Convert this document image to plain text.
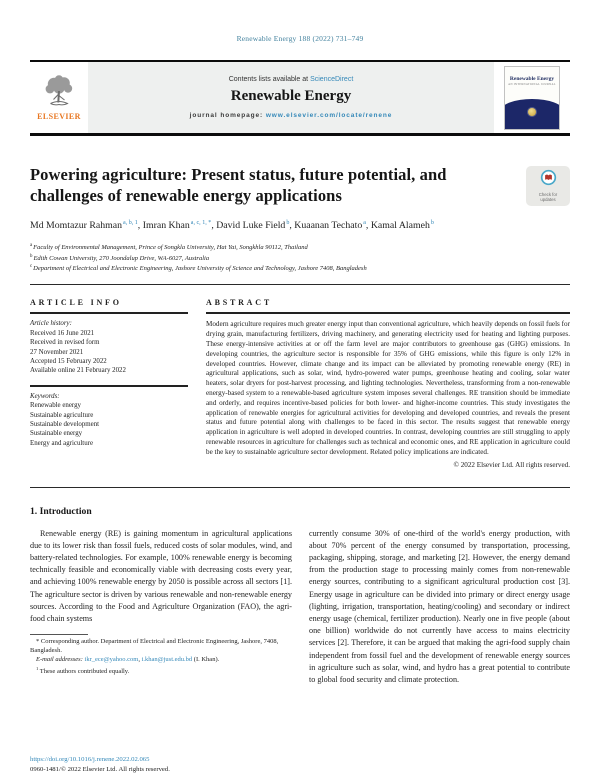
Renewable Energy 188 (2022) 731–749
ELSEVIER
Contents lists available at ScienceDirect
Renewable Energy
journal homepage: www.elsevier.com/locate/renene
Renewable Energy
AN INTERNATIONAL JOURNAL
Powering agriculture: Present status, future potential, and challenges of renewable energy applications	Check for updates

Md Momtazur Rahman$^{a, b, 1}$, Imran Khan$^{a, c, 1, *}$, David Luke Field$^b$, Kuaanan Techato$^a$, Kamal Alameh$^b$

$^a$Faculty of Environmental Management, Prince of Songkla University, Hat Yai, Songkhla 90112, Thailand
$^b$Edith Cowan University, 270 Joondalup Drive, WA-6027, Australia
$^c$Department of Electrical and Electronic Engineering, Jashore University of Science and Technology, Jashore 7408, Bangladesh
ARTICLE INFO
Article history:
Received 16 June 2021
Received in revised form
27 November 2021
Accepted 15 February 2022
Available online 21 February 2022
Keywords:
Renewable energy
Sustainable agriculture
Sustainable development
Sustainable energy
Energy and agriculture
ABSTRACT

Modern agriculture requires much greater energy input than conventional agriculture, which heavily depends on fossil fuels for drying grain, manufacturing fertilizers, driving machinery, and generating electricity used for heating and lighting purposes. These energy-intensive activities at or off the farm level are major contributors to greenhouse gas (GHG) emissions. In developing countries, the agriculture sector is responsible for 35% of GHG emissions, while this figure is only 12% in developed countries. However, climate change and its impact can be alleviated by promoting renewable energy (RE) in agricultural applications, such as solar, wind, hydro-powered water pumps, greenhouse heating and cooling, solar water heaters, solar dryers for post-harvest processing, and lighting technologies. Nevertheless, transforming from a non-renewable energy-based system to a renewable-based agriculture system imposes several challenges. RE transition should be immediate and orderly, and requires incentive-based policies for both lower- and higher-income countries. This study investigates the application of renewable energies for agricultural activities for developing and developed countries, and reveals the present status and future potential along with challenges to be faced in this sector. The results suggest that renewable energy application in agriculture is well adopted in developed countries. In contrast, developing countries are still struggling to apply renewable resources in agriculture for challenges such as technical and economic ones, and RE application in agriculture could be the key to sustainable agriculture sector development. Related policy implications are indicated.

© 2022 Elsevier Ltd. All rights reserved.

1. Introduction

Renewable energy (RE) is gaining momentum in agricultural applications due to its lower risk than fossil fuels, reduced costs of solar modules, wind, and battery-related technologies. For example, 100% renewable energy is becoming technically feasible and economically viable with decreasing costs every year, and achieving 100% renewable energy by 2050 is possible across all sectors [1]. The agriculture sector is driven by various renewable and non-renewable energy sources. According to the Food and Agriculture Organization (FAO), the agri-food chain systems

* Corresponding author. Department of Electrical and Electronic Engineering, Jashore, 7408, Bangladesh.

E-mail addresses: ikr_ece@yahoo.com, i.khan@just.edu.bd (I. Khan).

$^1$ These authors contributed equally.

currently consume 30% of one-third of the world's energy production, with about 70% percent of the energy consumed by transportation, processing, packaging, shipping, storage, and marketing [2]. However, the energy demand from the production stage to processing mainly comes from non-renewable energy sources, contributing to a significant agricultural production cost [3]. Energy usage in agriculture can be divided into primary or direct energy usage (lighting, irrigation, transportation, heating/cooling) and secondary or indirect energy usage (chemical, fertilizer production). Nearly one in five people (about one billion) worldwide do not currently have access to mains electricity services [2]. Therefore, it can be argued that making the agri-food supply chain independent from fossil fuel and the development of renewable energy sources in agriculture such as solar, wind, and hydro has a great potential to contribute to global food security and climate protection.

https://doi.org/10.1016/j.renene.2022.02.065
0960-1481/© 2022 Elsevier Ltd. All rights reserved.
